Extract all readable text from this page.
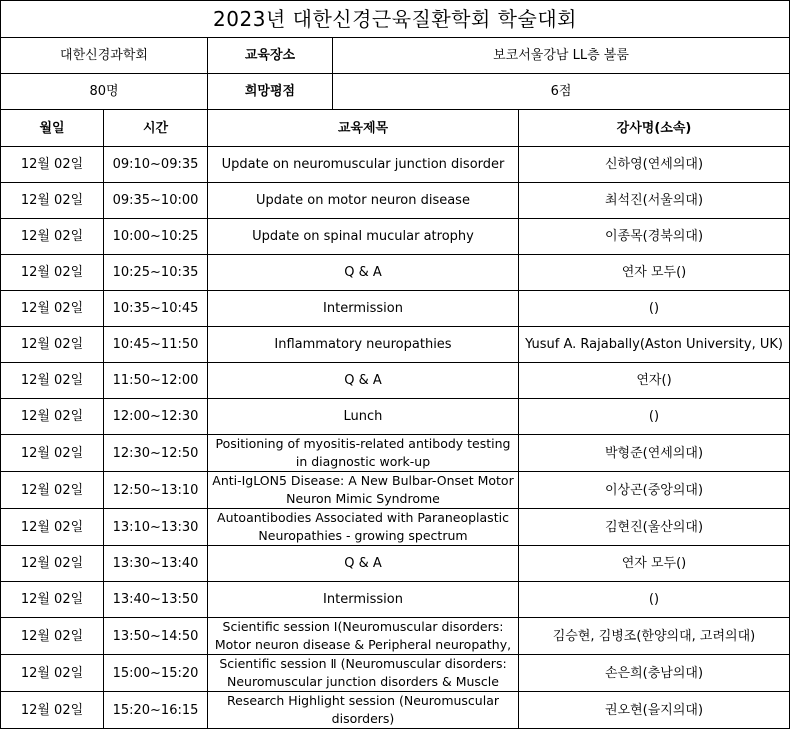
2023년 대한신경근육질환학회 학술대회				
대한신경과학회		교육장소	보코서울강남 LL층 볼룸	
80명		희망평점	6점	
월일	시간	교육제목		강사명(소속)
12월 02일	09:10~09:35	Update on neuromuscular junction disorder		신하영(연세의대)
12월 02일	09:35~10:00	Update on motor neuron disease		최석진(서울의대)
12월 02일	10:00~10:25	Update on spinal mucular atrophy		이종목(경북의대)
12월 02일	10:25~10:35	Q & A		연자 모두()
12월 02일	10:35~10:45	Intermission		()
12월 02일	10:45~11:50	Inflammatory neuropathies		Yusuf A. Rajabally(Aston University, UK)
12월 02일	11:50~12:00	Q & A		연자()
12월 02일	12:00~12:30	Lunch		()
12월 02일	12:30~12:50	Positioning of myositis-related antibody testing in diagnostic work-up		박형준(연세의대)
12월 02일	12:50~13:10	Anti-IgLON5 Disease: A New Bulbar-Onset Motor Neuron Mimic Syndrome		이상곤(중앙의대)
12월 02일	13:10~13:30	Autoantibodies Associated with Paraneoplastic Neuropathies - growing spectrum		김현진(울산의대)
12월 02일	13:30~13:40	Q & A		연자 모두()
12월 02일	13:40~13:50	Intermission		()
12월 02일	13:50~14:50	Scientific session Ⅰ(Neuromuscular disorders: Motor neuron disease & Peripheral neuropathy,		김승현, 김병조(한양의대, 고려의대)
12월 02일	15:00~15:20	Scientific session Ⅱ (Neuromuscular disorders: Neuromuscular junction disorders & Muscle		손은희(충남의대)
12월 02일	15:20~16:15	Research Highlight session (Neuromuscular disorders)		권오현(을지의대)
